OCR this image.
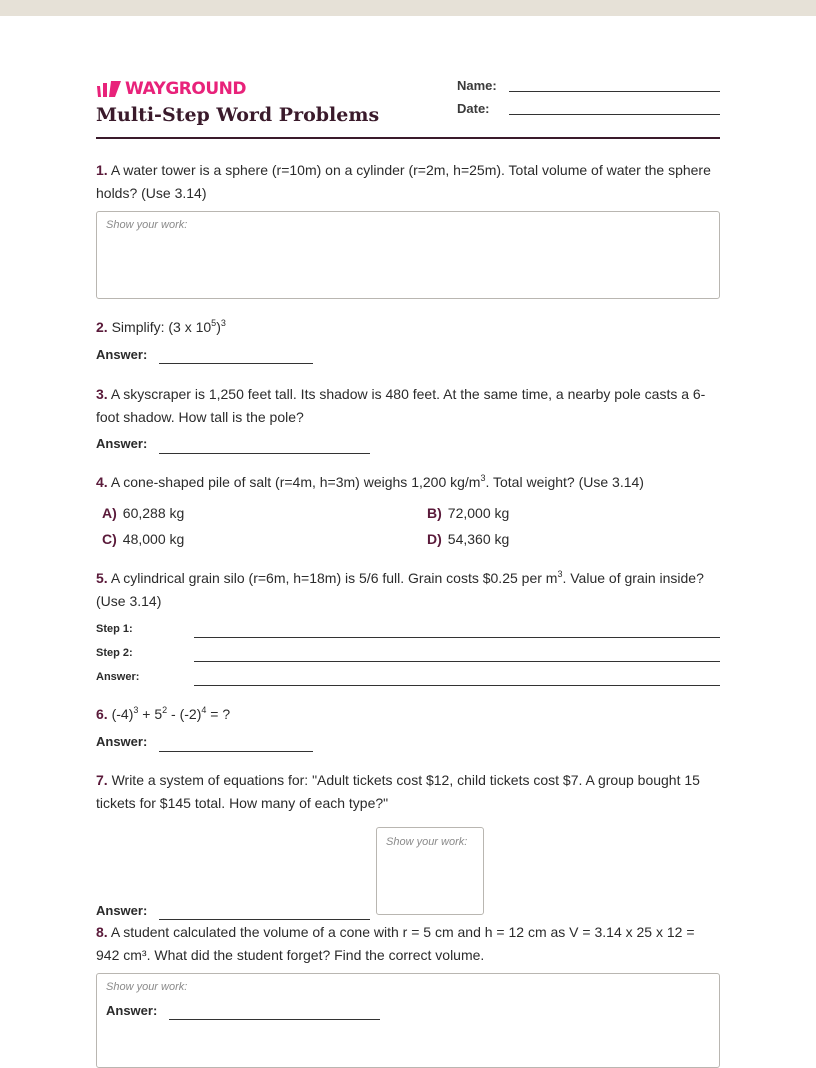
WAYGROUND
Multi-Step Word Problems
Name:
Date:
1. A water tower is a sphere (r=10m) on a cylinder (r=2m, h=25m). Total volume of water the sphere holds? (Use 3.14)
Show your work:
2. Simplify: (3 x $10^5)^3$
Answer:
3. A skyscraper is 1,250 feet tall. Its shadow is 480 feet. At the same time, a nearby pole casts a 6-foot shadow. How tall is the pole?
Answer:
4. A cone-shaped pile of salt (r=4m, h=3m) weighs 1,200 $kg/m^3$. Total weight? (Use 3.14)
A) 60,288 kg	B) 72,000 kg
C) 48,000 kg	D) 54,360 kg
5. A cylindrical grain silo (r=6m, h=18m) is 5/6 full. Grain costs $0.25 per $m^3$. Value of grain inside? (Use 3.14)
Step 1:
Step 2:
Answer:
6. $(-4)^3 + 5^2 - (-2)^4$ = ?
Answer:
7. Write a system of equations for: "Adult tickets cost $12, child tickets cost $7. A group bought 15 tickets for $145 total. How many of each type?"
Show your work:
Answer:
8. A student calculated the volume of a cone with r = 5 cm and h = 12 cm as V = 3.14 x 25 x 12 = 942 cm³. What did the student forget? Find the correct volume.
Show your work:
Answer:
